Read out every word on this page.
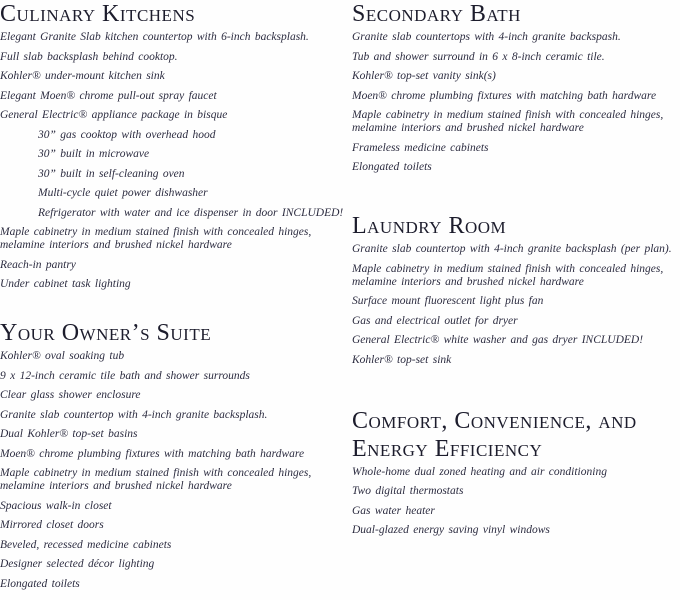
Culinary Kitchens
Elegant Granite Slab kitchen countertop with 6-inch backsplash.
Full slab backsplash behind cooktop.
Kohler® under-mount kitchen sink
Elegant Moen® chrome pull-out spray faucet
General Electric® appliance package in bisque
30” gas cooktop with overhead hood
30” built in microwave
30” built in self-cleaning oven
Multi-cycle quiet power dishwasher
Refrigerator with water and ice dispenser in door INCLUDED!
Maple cabinetry in medium stained finish with concealed hinges, melamine interiors and brushed nickel hardware
Reach-in pantry
Under cabinet task lighting
Your Owner’s Suite
Kohler® oval soaking tub
9 x 12-inch ceramic tile bath and shower surrounds
Clear glass shower enclosure
Granite slab countertop with 4-inch granite backsplash.
Dual Kohler® top-set basins
Moen® chrome plumbing fixtures with matching bath hardware
Maple cabinetry in medium stained finish with concealed hinges, melamine interiors and brushed nickel hardware
Spacious walk-in closet
Mirrored closet doors
Beveled, recessed medicine cabinets
Designer selected décor lighting
Elongated toilets
Secondary Bath
Granite slab countertops with 4-inch granite backspash.
Tub and shower surround in 6 x 8-inch ceramic tile.
Kohler® top-set vanity sink(s)
Moen® chrome plumbing fixtures with matching bath hardware
Maple cabinetry in medium stained finish with concealed hinges, melamine interiors and brushed nickel hardware
Frameless medicine cabinets
Elongated toilets
Laundry Room
Granite slab countertop with 4-inch granite backsplash (per plan).
Maple cabinetry in medium stained finish with concealed hinges, melamine interiors and brushed nickel hardware
Surface mount fluorescent light plus fan
Gas and electrical outlet for dryer
General Electric® white washer and gas dryer INCLUDED!
Kohler® top-set sink
Comfort, Convenience, and
Energy Efficiency
Whole-home dual zoned heating and air conditioning
Two digital thermostats
Gas water heater
Dual-glazed energy saving vinyl windows
